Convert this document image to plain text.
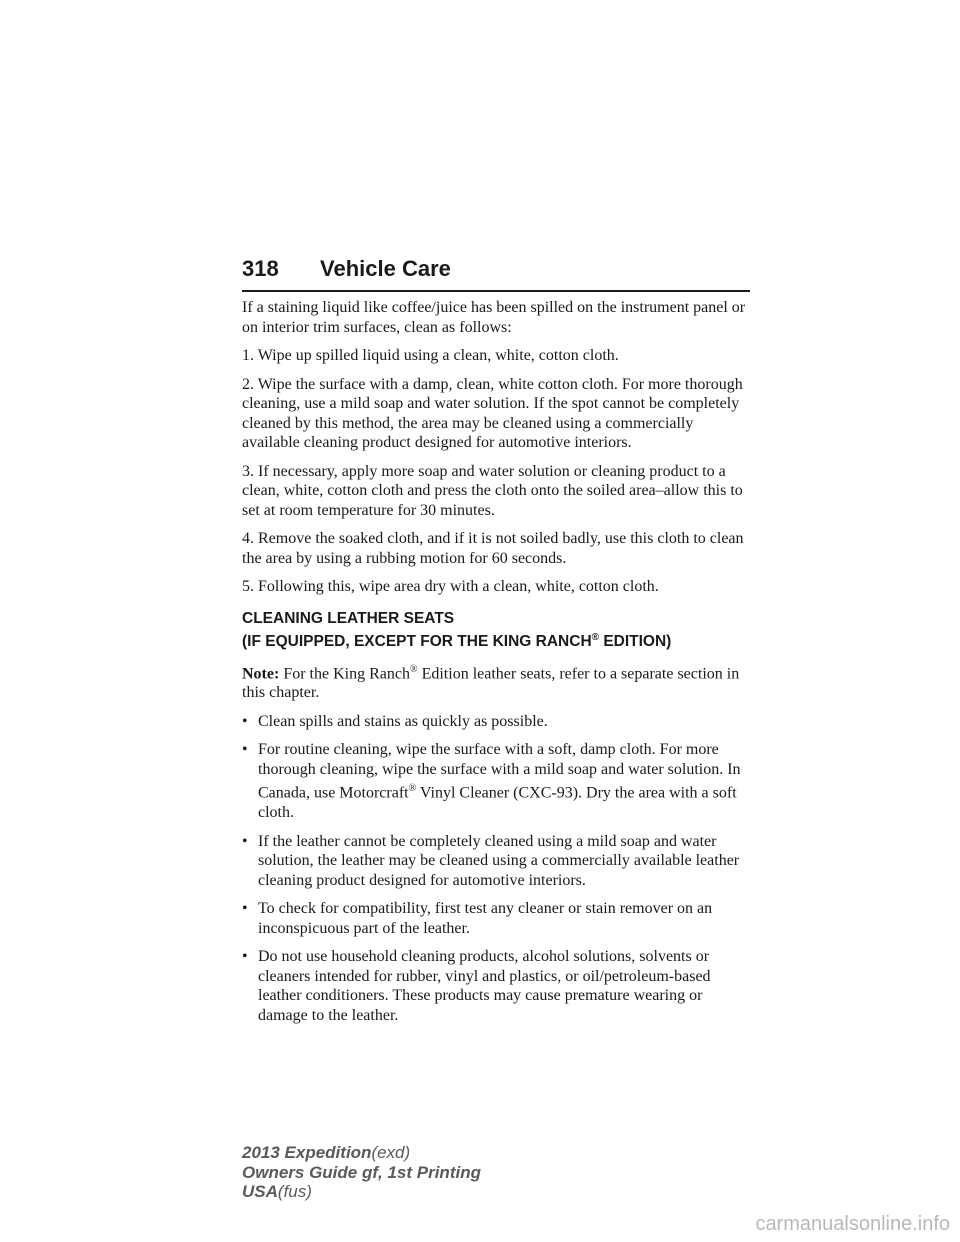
318 Vehicle Care

If a staining liquid like coffee/juice has been spilled on the instrument panel or on interior trim surfaces, clean as follows:

1. Wipe up spilled liquid using a clean, white, cotton cloth.

2. Wipe the surface with a damp, clean, white cotton cloth. For more thorough cleaning, use a mild soap and water solution. If the spot cannot be completely cleaned by this method, the area may be cleaned using a commercially available cleaning product designed for automotive interiors.

3. If necessary, apply more soap and water solution or cleaning product to a clean, white, cotton cloth and press the cloth onto the soiled area–allow this to set at room temperature for 30 minutes.

4. Remove the soaked cloth, and if it is not soiled badly, use this cloth to clean the area by using a rubbing motion for 60 seconds.

5. Following this, wipe area dry with a clean, white, cotton cloth.

CLEANING LEATHER SEATS
(IF EQUIPPED, EXCEPT FOR THE KING RANCH® EDITION)

Note: For the King Ranch® Edition leather seats, refer to a separate section in this chapter.

• Clean spills and stains as quickly as possible.
• For routine cleaning, wipe the surface with a soft, damp cloth. For more thorough cleaning, wipe the surface with a mild soap and water solution. In Canada, use Motorcraft® Vinyl Cleaner (CXC-93). Dry the area with a soft cloth.
• If the leather cannot be completely cleaned using a mild soap and water solution, the leather may be cleaned using a commercially available leather cleaning product designed for automotive interiors.
• To check for compatibility, first test any cleaner or stain remover on an inconspicuous part of the leather.
• Do not use household cleaning products, alcohol solutions, solvents or cleaners intended for rubber, vinyl and plastics, or oil/petroleum-based leather conditioners. These products may cause premature wearing or damage to the leather.
2013 Expedition(exd)
Owners Guide gf, 1st Printing
USA(fus)
carmanualsonline.info
